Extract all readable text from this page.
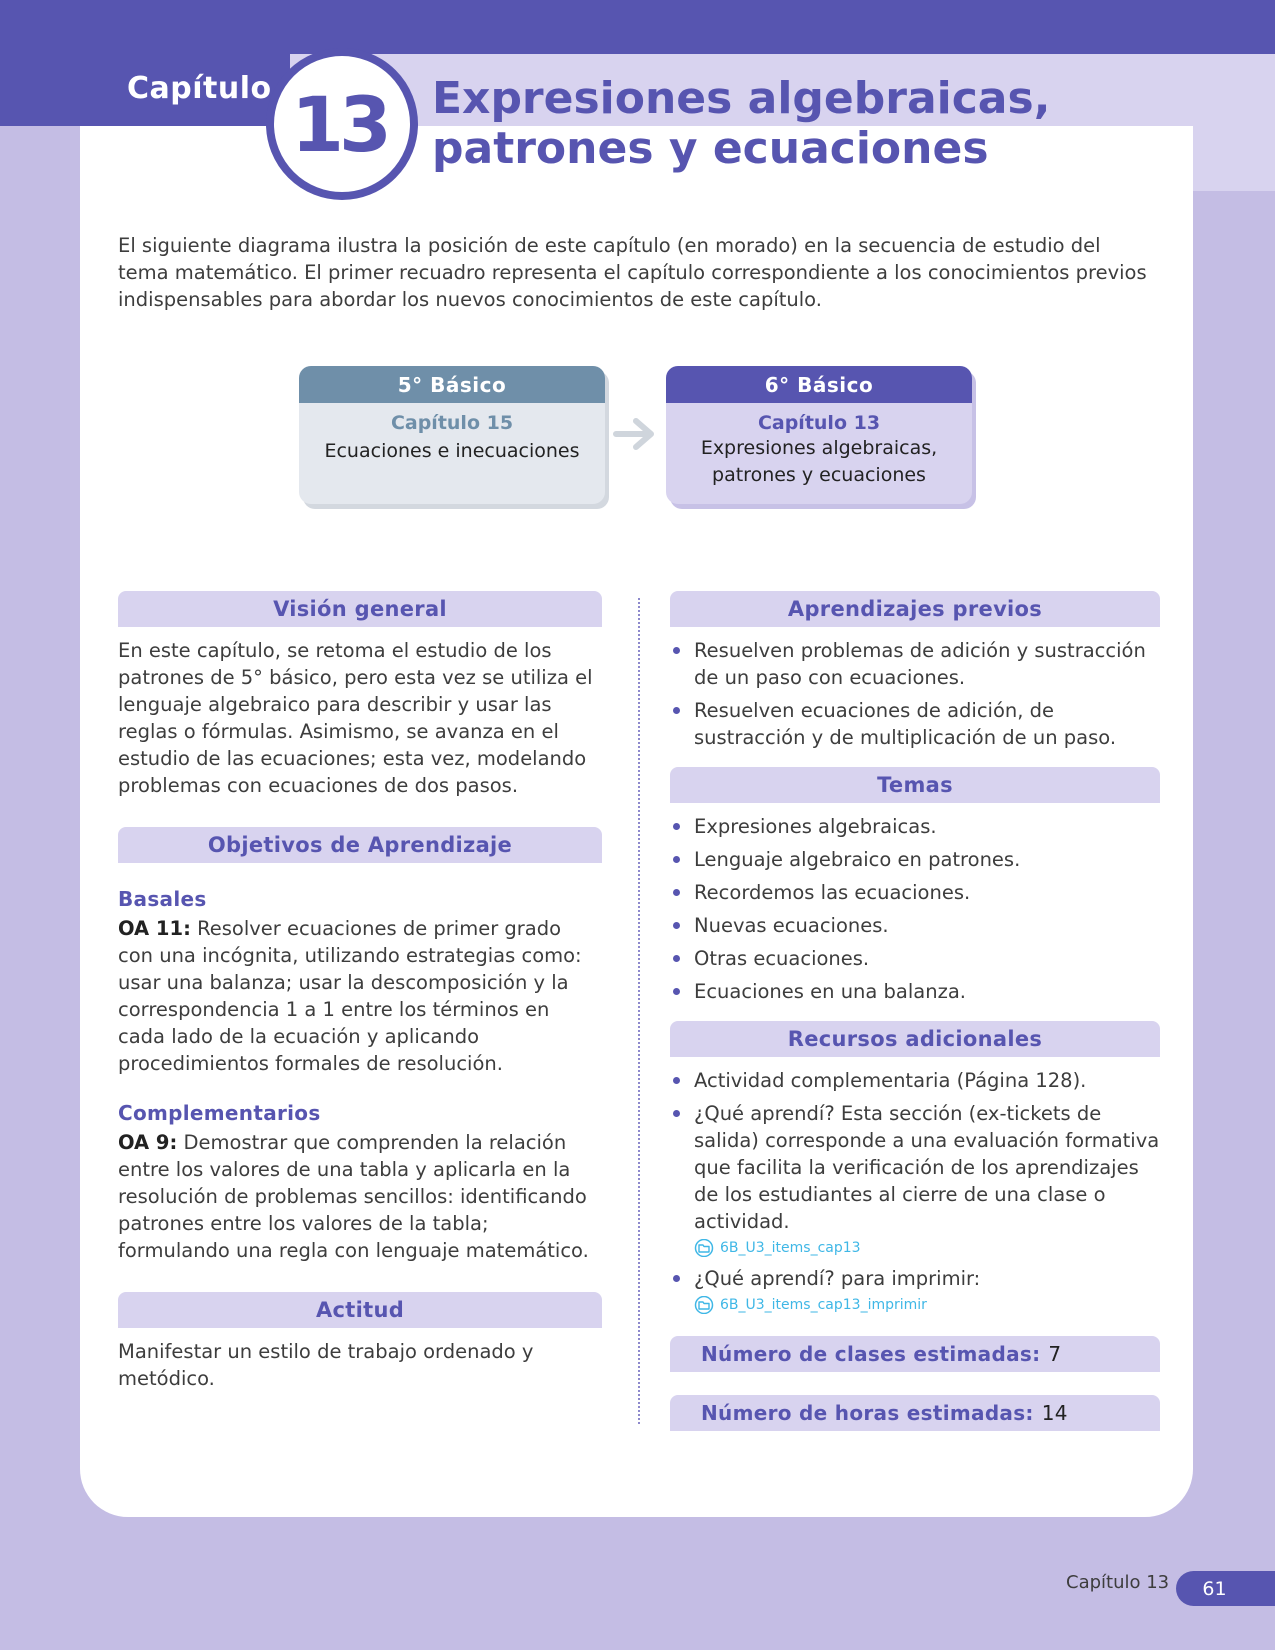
Capítulo 13 Expresiones algebraicas,
patrones y ecuaciones

El siguiente diagrama ilustra la posición de este capítulo (en morado) en la secuencia de estudio del tema matemático. El primer recuadro representa el capítulo correspondiente a los conocimientos previos indispensables para abordar los nuevos conocimientos de este capítulo.

5° Básico
Capítulo 15
Ecuaciones e inecuaciones
6° Básico
Capítulo 13
Expresiones algebraicas,
patrones y ecuaciones
Visión general

En este capítulo, se retoma el estudio de los patrones de 5° básico, pero esta vez se utiliza el lenguaje algebraico para describir y usar las reglas o fórmulas. Asimismo, se avanza en el estudio de las ecuaciones; esta vez, modelando problemas con ecuaciones de dos pasos.

Objetivos de Aprendizaje
Basales

OA 11: Resolver ecuaciones de primer grado con una incógnita, utilizando estrategias como: usar una balanza; usar la descomposición y la correspondencia 1 a 1 entre los términos en cada lado de la ecuación y aplicando procedimientos formales de resolución.

Complementarios

OA 9: Demostrar que comprenden la relación entre los valores de una tabla y aplicarla en la resolución de problemas sencillos: identificando patrones entre los valores de la tabla; formulando una regla con lenguaje matemático.

Actitud

Manifestar un estilo de trabajo ordenado y metódico.

Aprendizajes previos
Resuelven problemas de adición y sustracción de un paso con ecuaciones.
Resuelven ecuaciones de adición, de sustracción y de multiplicación de un paso.
Temas
Expresiones algebraicas.
Lenguaje algebraico en patrones.
Recordemos las ecuaciones.
Nuevas ecuaciones.
Otras ecuaciones.
Ecuaciones en una balanza.
Recursos adicionales
Actividad complementaria (Página 128).
¿Qué aprendí? Esta sección (ex-tickets de salida) corresponde a una evaluación formativa que facilita la verificación de los aprendizajes de los estudiantes al cierre de una clase o actividad.
6B_U3_items_cap13
¿Qué aprendí? para imprimir:
6B_U3_items_cap13_imprimir
Número de clases estimadas: 7
Número de horas estimadas: 14
Capítulo 13	61
